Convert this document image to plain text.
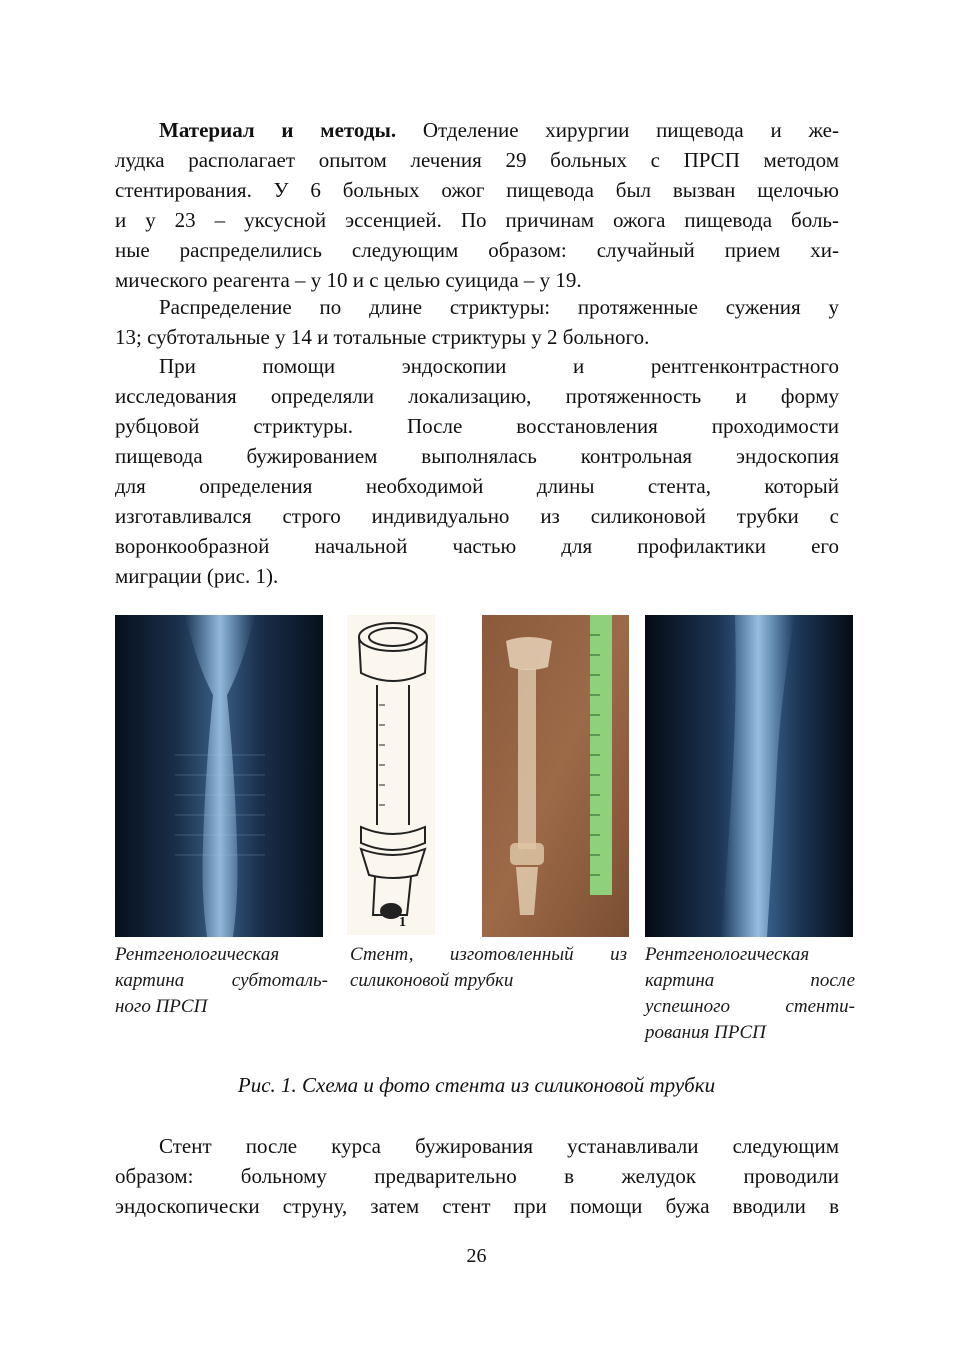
Материал и методы. Отделение хирургии пищевода и же-
лудка располагает опытом лечения 29 больных с ПРСП методом
стентирования. У 6 больных ожог пищевода был вызван щелочью
и у 23 – уксусной эссенцией. По причинам ожога пищевода боль-
ные распределились следующим образом: случайный прием хи-
мического реагента – у 10 и с целью суицида – у 19.
Распределение по длине стриктуры: протяженные сужения у
13; субтотальные у 14 и тотальные стриктуры у 2 больного.
При помощи эндоскопии и рентгенконтрастного
исследования определяли локализацию, протяженность и форму
рубцовой стриктуры. После восстановления проходимости
пищевода бужированием выполнялась контрольная эндоскопия
для определения необходимой длины стента, который
изготавливался строго индивидуально из силиконовой трубки с
воронкообразной начальной частью для профилактики его
миграции (рис. 1).
1
Рентгенологическая
картина субтоталь-
ного ПРСП
Стент, изготовленный из
силиконовой трубки
Рентгенологическая
картина после
успешного стенти-
рования ПРСП
Рис. 1. Схема и фото стента из силиконовой трубки
Стент после курса бужирования устанавливали следующим
образом: больному предварительно в желудок проводили
эндоскопически струну, затем стент при помощи бужа вводили в
26
